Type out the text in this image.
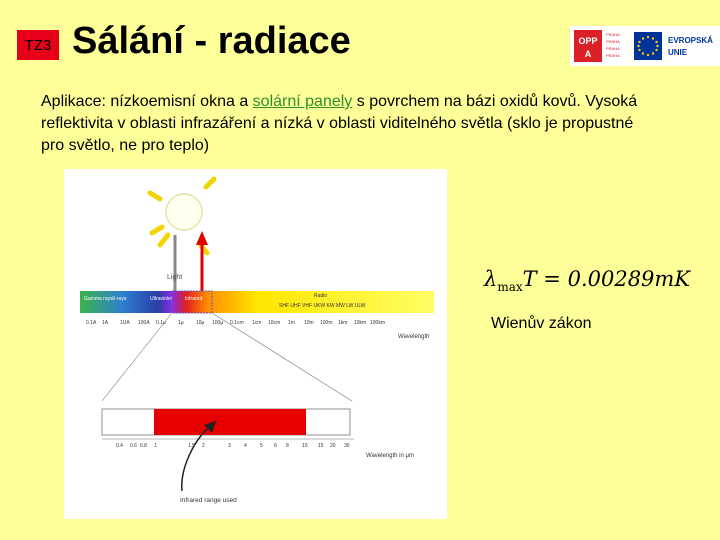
TZ3 Sálání - radiace	OPP
A
PRAHA
PRAHA
PRAHA
PRAHA
EVROPSKÁ
UNIE
Aplikace: nízkoemisní okna a solární panely s povrchem na bázi oxidů kovů. Vysoká reflektivita v oblasti infrazáření a nízká v oblasti viditelného světla (sklo je propustné pro světlo, ne pro teplo)
Light
Gamma rays X-rays	Ultraviolet	Infrared	Radio
SHF UHF VHF UKW KW MW LW ULW
0.1A 1A 1UA 100A 0.1μ 1μ 10μ 100μ 0.1cm 1cm 10cm 1m 10m 100m 1km 10km 100km
Wavelength
0.4 0.6 0.8 1	1.5 2	3	4	5 6 8	10 15 20 30
Wavelength in μm
Infrared range used
$\lambda_{max}T = 0.00289mK$
Wienův zákon
